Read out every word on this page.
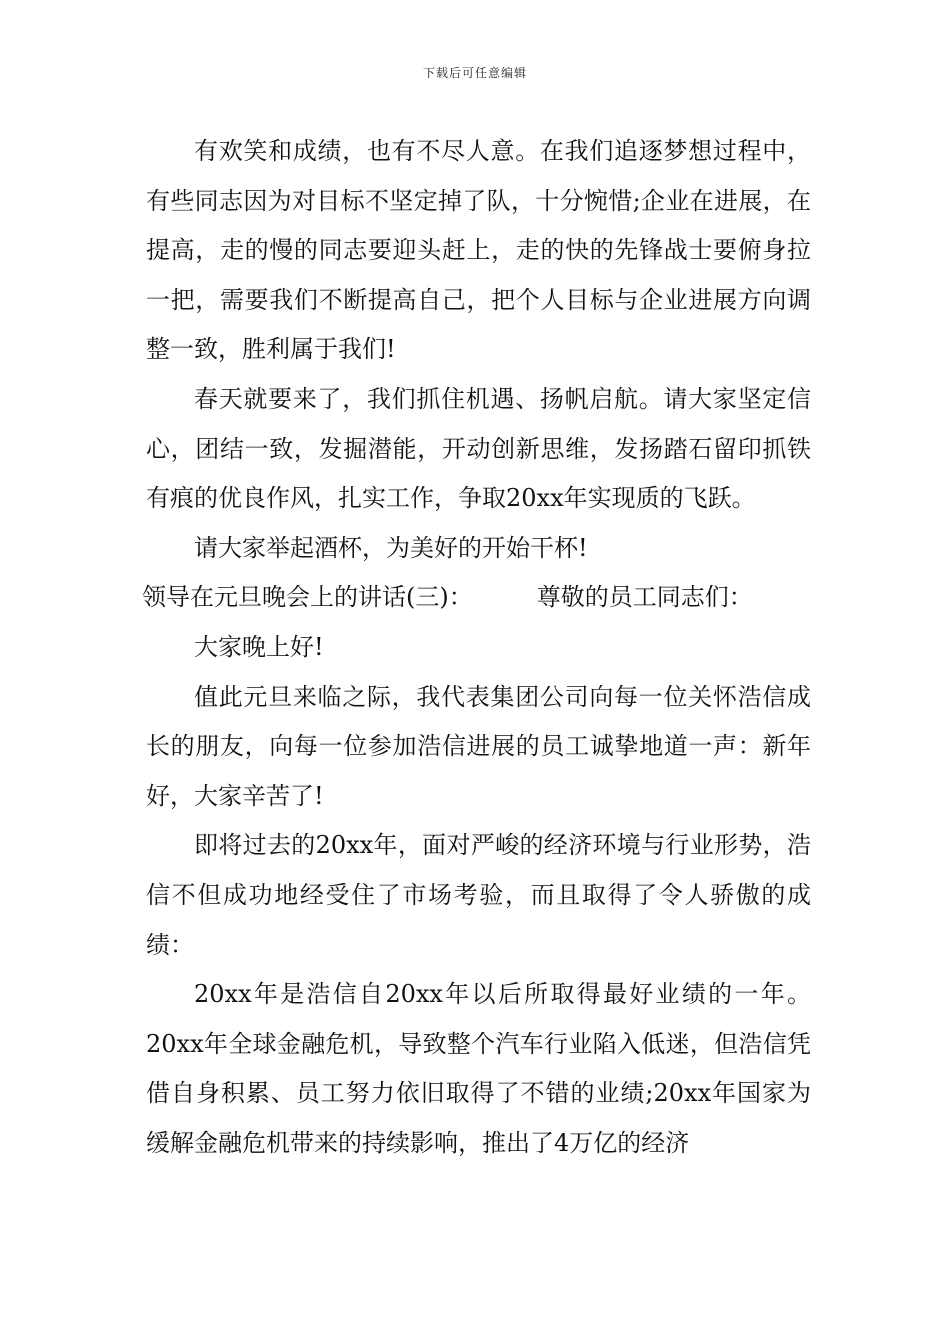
下载后可任意编辑

有欢笑和成绩，也有不尽人意。在我们追逐梦想过程中，有些同志因为对目标不坚定掉了队，十分惋惜;企业在进展，在提高，走的慢的同志要迎头赶上，走的快的先锋战士要俯身拉一把，需要我们不断提高自己，把个人目标与企业进展方向调整一致，胜利属于我们!

春天就要来了，我们抓住机遇、扬帆启航。请大家坚定信心，团结一致，发掘潜能，开动创新思维，发扬踏石留印抓铁有痕的优良作风，扎实工作，争取20xx年实现质的飞跃。

请大家举起酒杯，为美好的开始干杯!

领导在元旦晚会上的讲话(三)：	尊敬的员工同志们：

大家晚上好!

值此元旦来临之际，我代表集团公司向每一位关怀浩信成长的朋友，向每一位参加浩信进展的员工诚挚地道一声：新年好，大家辛苦了!

即将过去的20xx年，面对严峻的经济环境与行业形势，浩信不但成功地经受住了市场考验，而且取得了令人骄傲的成绩：

20xx年是浩信自20xx年以后所取得最好业绩的一年。20xx年全球金融危机，导致整个汽车行业陷入低迷，但浩信凭借自身积累、员工努力依旧取得了不错的业绩;20xx年国家为缓解金融危机带来的持续影响，推出了4万亿的经济
